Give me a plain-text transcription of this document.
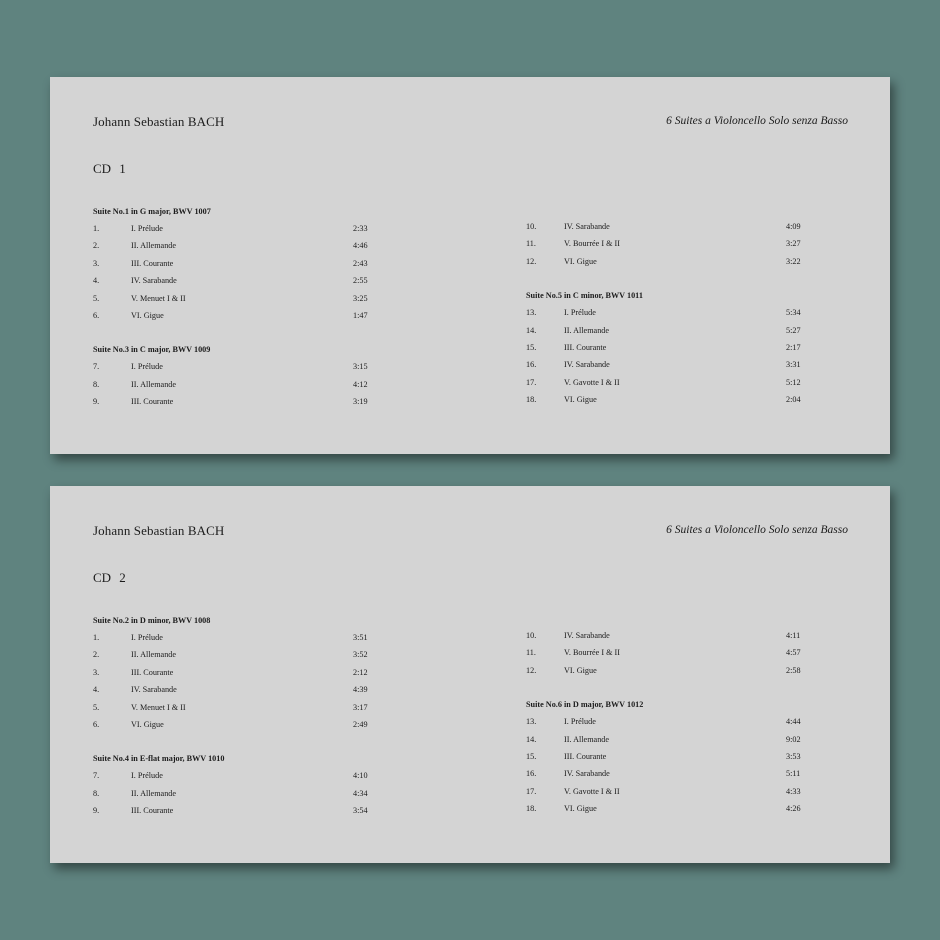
Johann Sebastian BACH	6 Suites a Violoncello Solo senza Basso
CD 1
Suite No.1 in G major, BWV 1007
1.	I. Prélude	2:33
2.	II. Allemande	4:46
3.	III. Courante	2:43
4.	IV. Sarabande	2:55
5.	V. Menuet I & II	3:25
6.	VI. Gigue	1:47
Suite No.3 in C major, BWV 1009
7.	I. Prélude	3:15
8.	II. Allemande	4:12
9.	III. Courante	3:19
10.	IV. Sarabande	4:09
11.	V. Bourrée I & II	3:27
12.	VI. Gigue	3:22
Suite No.5 in C minor, BWV 1011
13.	I. Prélude	5:34
14.	II. Allemande	5:27
15.	III. Courante	2:17
16.	IV. Sarabande	3:31
17.	V. Gavotte I & II	5:12
18.	VI. Gigue	2:04
Johann Sebastian BACH	6 Suites a Violoncello Solo senza Basso
CD 2
Suite No.2 in D minor, BWV 1008
1.	I. Prélude	3:51
2.	II. Allemande	3:52
3.	III. Courante	2:12
4.	IV. Sarabande	4:39
5.	V. Menuet I & II	3:17
6.	VI. Gigue	2:49
Suite No.4 in E-flat major, BWV 1010
7.	I. Prélude	4:10
8.	II. Allemande	4:34
9.	III. Courante	3:54
10.	IV. Sarabande	4:11
11.	V. Bourrée I & II	4:57
12.	VI. Gigue	2:58
Suite No.6 in D major, BWV 1012
13.	I. Prélude	4:44
14.	II. Allemande	9:02
15.	III. Courante	3:53
16.	IV. Sarabande	5:11
17.	V. Gavotte I & II	4:33
18.	VI. Gigue	4:26
